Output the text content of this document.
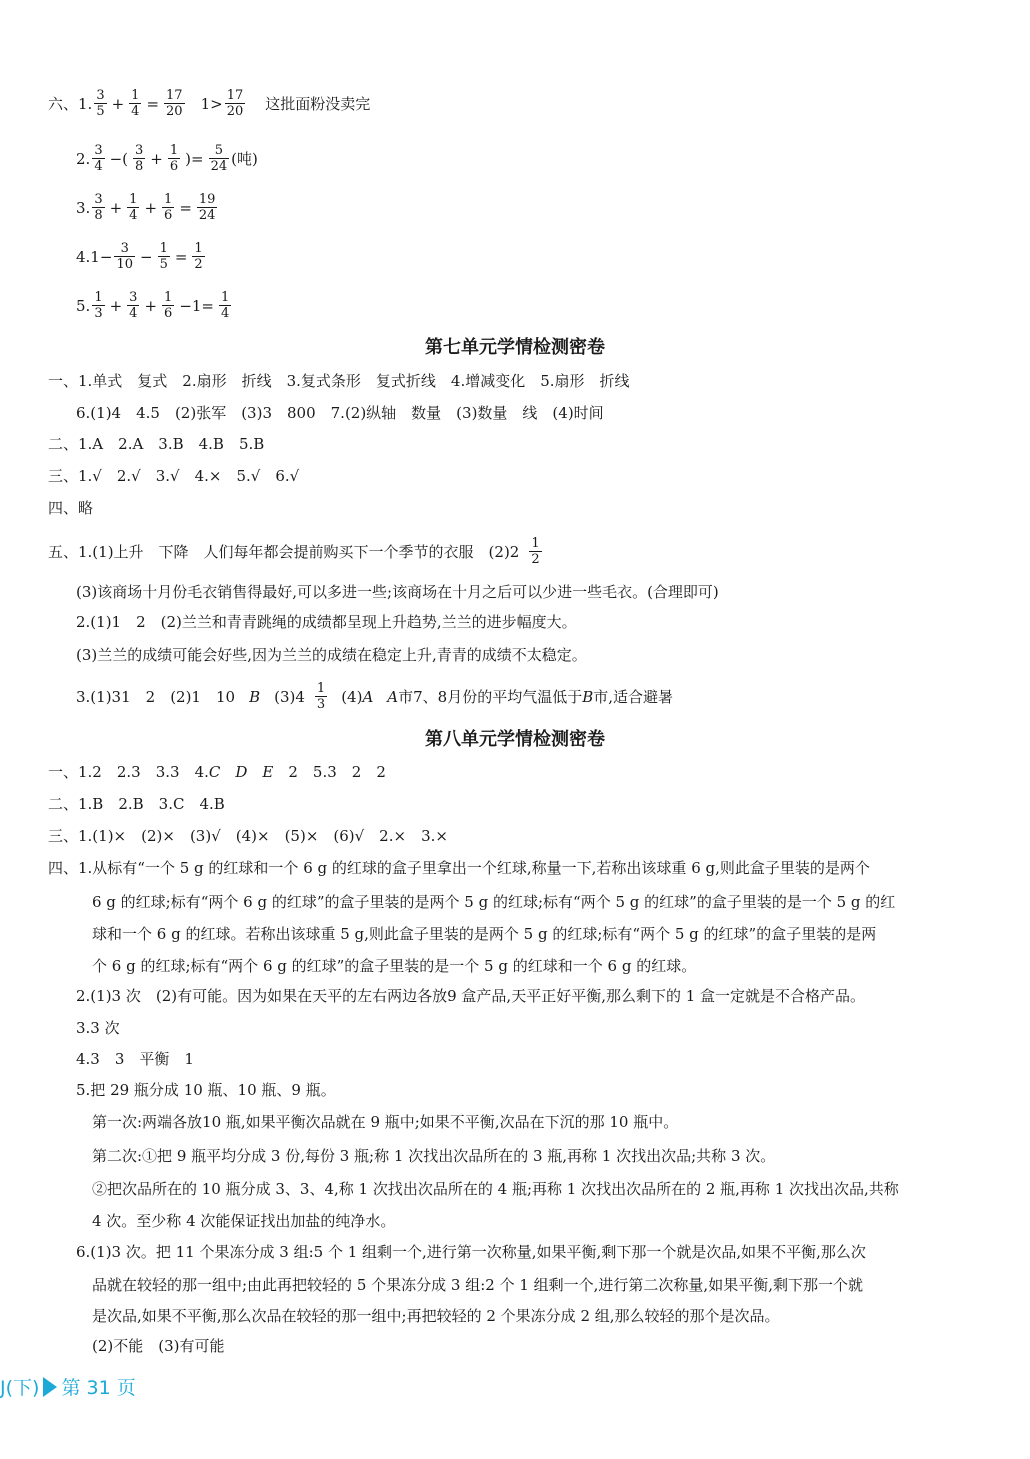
六、1. $\frac{3}{5} + \frac{1}{4} = \frac{17}{20} 1> \frac{17}{20}$ 这批面粉没卖完
2. $\frac{3}{4}$ −( $\frac{3}{8} + \frac{1}{6}$ )= $\frac{5}{24}$ (吨)
3. $\frac{3}{8} + \frac{1}{4} + \frac{1}{6} = \frac{19}{24}$
$4.1- \frac{3}{10} - \frac{1}{5} = \frac{1}{2}$
5. $\frac{1}{3} + \frac{3}{4} + \frac{1}{6} -1= \frac{1}{4}$
第七单元学情检测密卷
一、1.单式　复式　2.扇形　折线　3.复式条形　复式折线　4.增减变化　5.扇形　折线
6.(1)4　4.5　(2)张军　(3)3　800　7.(2)纵轴　数量　(3)数量　线　(4)时间
二、1.A　2.A　3.B　4.B　5.B
三、1.√　2.√　3.√　4.×　5.√　6.√
四、略
五、1.(1)上升　下降　人们每年都会提前购买下一个季节的衣服　$(2)2 \frac{1}{2}$
(3)该商场十月份毛衣销售得最好,可以多进一些;该商场在十月之后可以少进一些毛衣。(合理即可)
2.(1)1　2　(2)兰兰和青青跳绳的成绩都呈现上升趋势,兰兰的进步幅度大。
(3)兰兰的成绩可能会好些,因为兰兰的成绩在稳定上升,青青的成绩不太稳定。
3.(1)31　2　(2)1　10 B $(3)4 \frac{1}{3} (4)$ A A 市7、8月份的平均气温低于 B 市,适合避暑
第八单元学情检测密卷
一、1.2　2.3　3.3　4.C　D　E　 2　5.3　2　2
二、1.B　2.B　3.C　4.B
三、1.(1)×　(2)×　(3)√　(4)×　(5)×　(6)√　2.×　3.×
四、1.从标有“一个 5 g 的红球和一个 6 g 的红球的盒子里拿出一个红球,称量一下,若称出该球重 6 g,则此盒子里装的是两个
6 g 的红球;标有“两个 6 g 的红球”的盒子里装的是两个 5 g 的红球;标有“两个 5 g 的红球”的盒子里装的是一个 5 g 的红
球和一个 6 g 的红球。若称出该球重 5 g,则此盒子里装的是两个 5 g 的红球;标有“两个 5 g 的红球”的盒子里装的是两
个 6 g 的红球;标有“两个 6 g 的红球”的盒子里装的是一个 5 g 的红球和一个 6 g 的红球。
2.(1)3 次　(2)有可能。因为如果在天平的左右两边各放9 盒产品,天平正好平衡,那么剩下的 1 盒一定就是不合格产品。
3.3 次
4.3　3　平衡　1
5.把 29 瓶分成 10 瓶、10 瓶、9 瓶。
第一次:两端各放10 瓶,如果平衡次品就在 9 瓶中;如果不平衡,次品在下沉的那 10 瓶中。
第二次:①把 9 瓶平均分成 3 份,每份 3 瓶;称 1 次找出次品所在的 3 瓶,再称 1 次找出次品;共称 3 次。
②把次品所在的 10 瓶分成 3、3、4,称 1 次找出次品所在的 4 瓶;再称 1 次找出次品所在的 2 瓶,再称 1 次找出次品,共称
4 次。至少称 4 次能保证找出加盐的纯净水。
6.(1)3 次。把 11 个果冻分成 3 组:5 个 1 组剩一个,进行第一次称量,如果平衡,剩下那一个就是次品,如果不平衡,那么次
品就在较轻的那一组中;由此再把较轻的 5 个果冻分成 3 组:2 个 1 组剩一个,进行第二次称量,如果平衡,剩下那一个就
是次品,如果不平衡,那么次品在较轻的那一组中;再把较轻的 2 个果冻分成 2 组,那么较轻的那个是次品。
(2)不能　(3)有可能
J(下) 第 31 页
